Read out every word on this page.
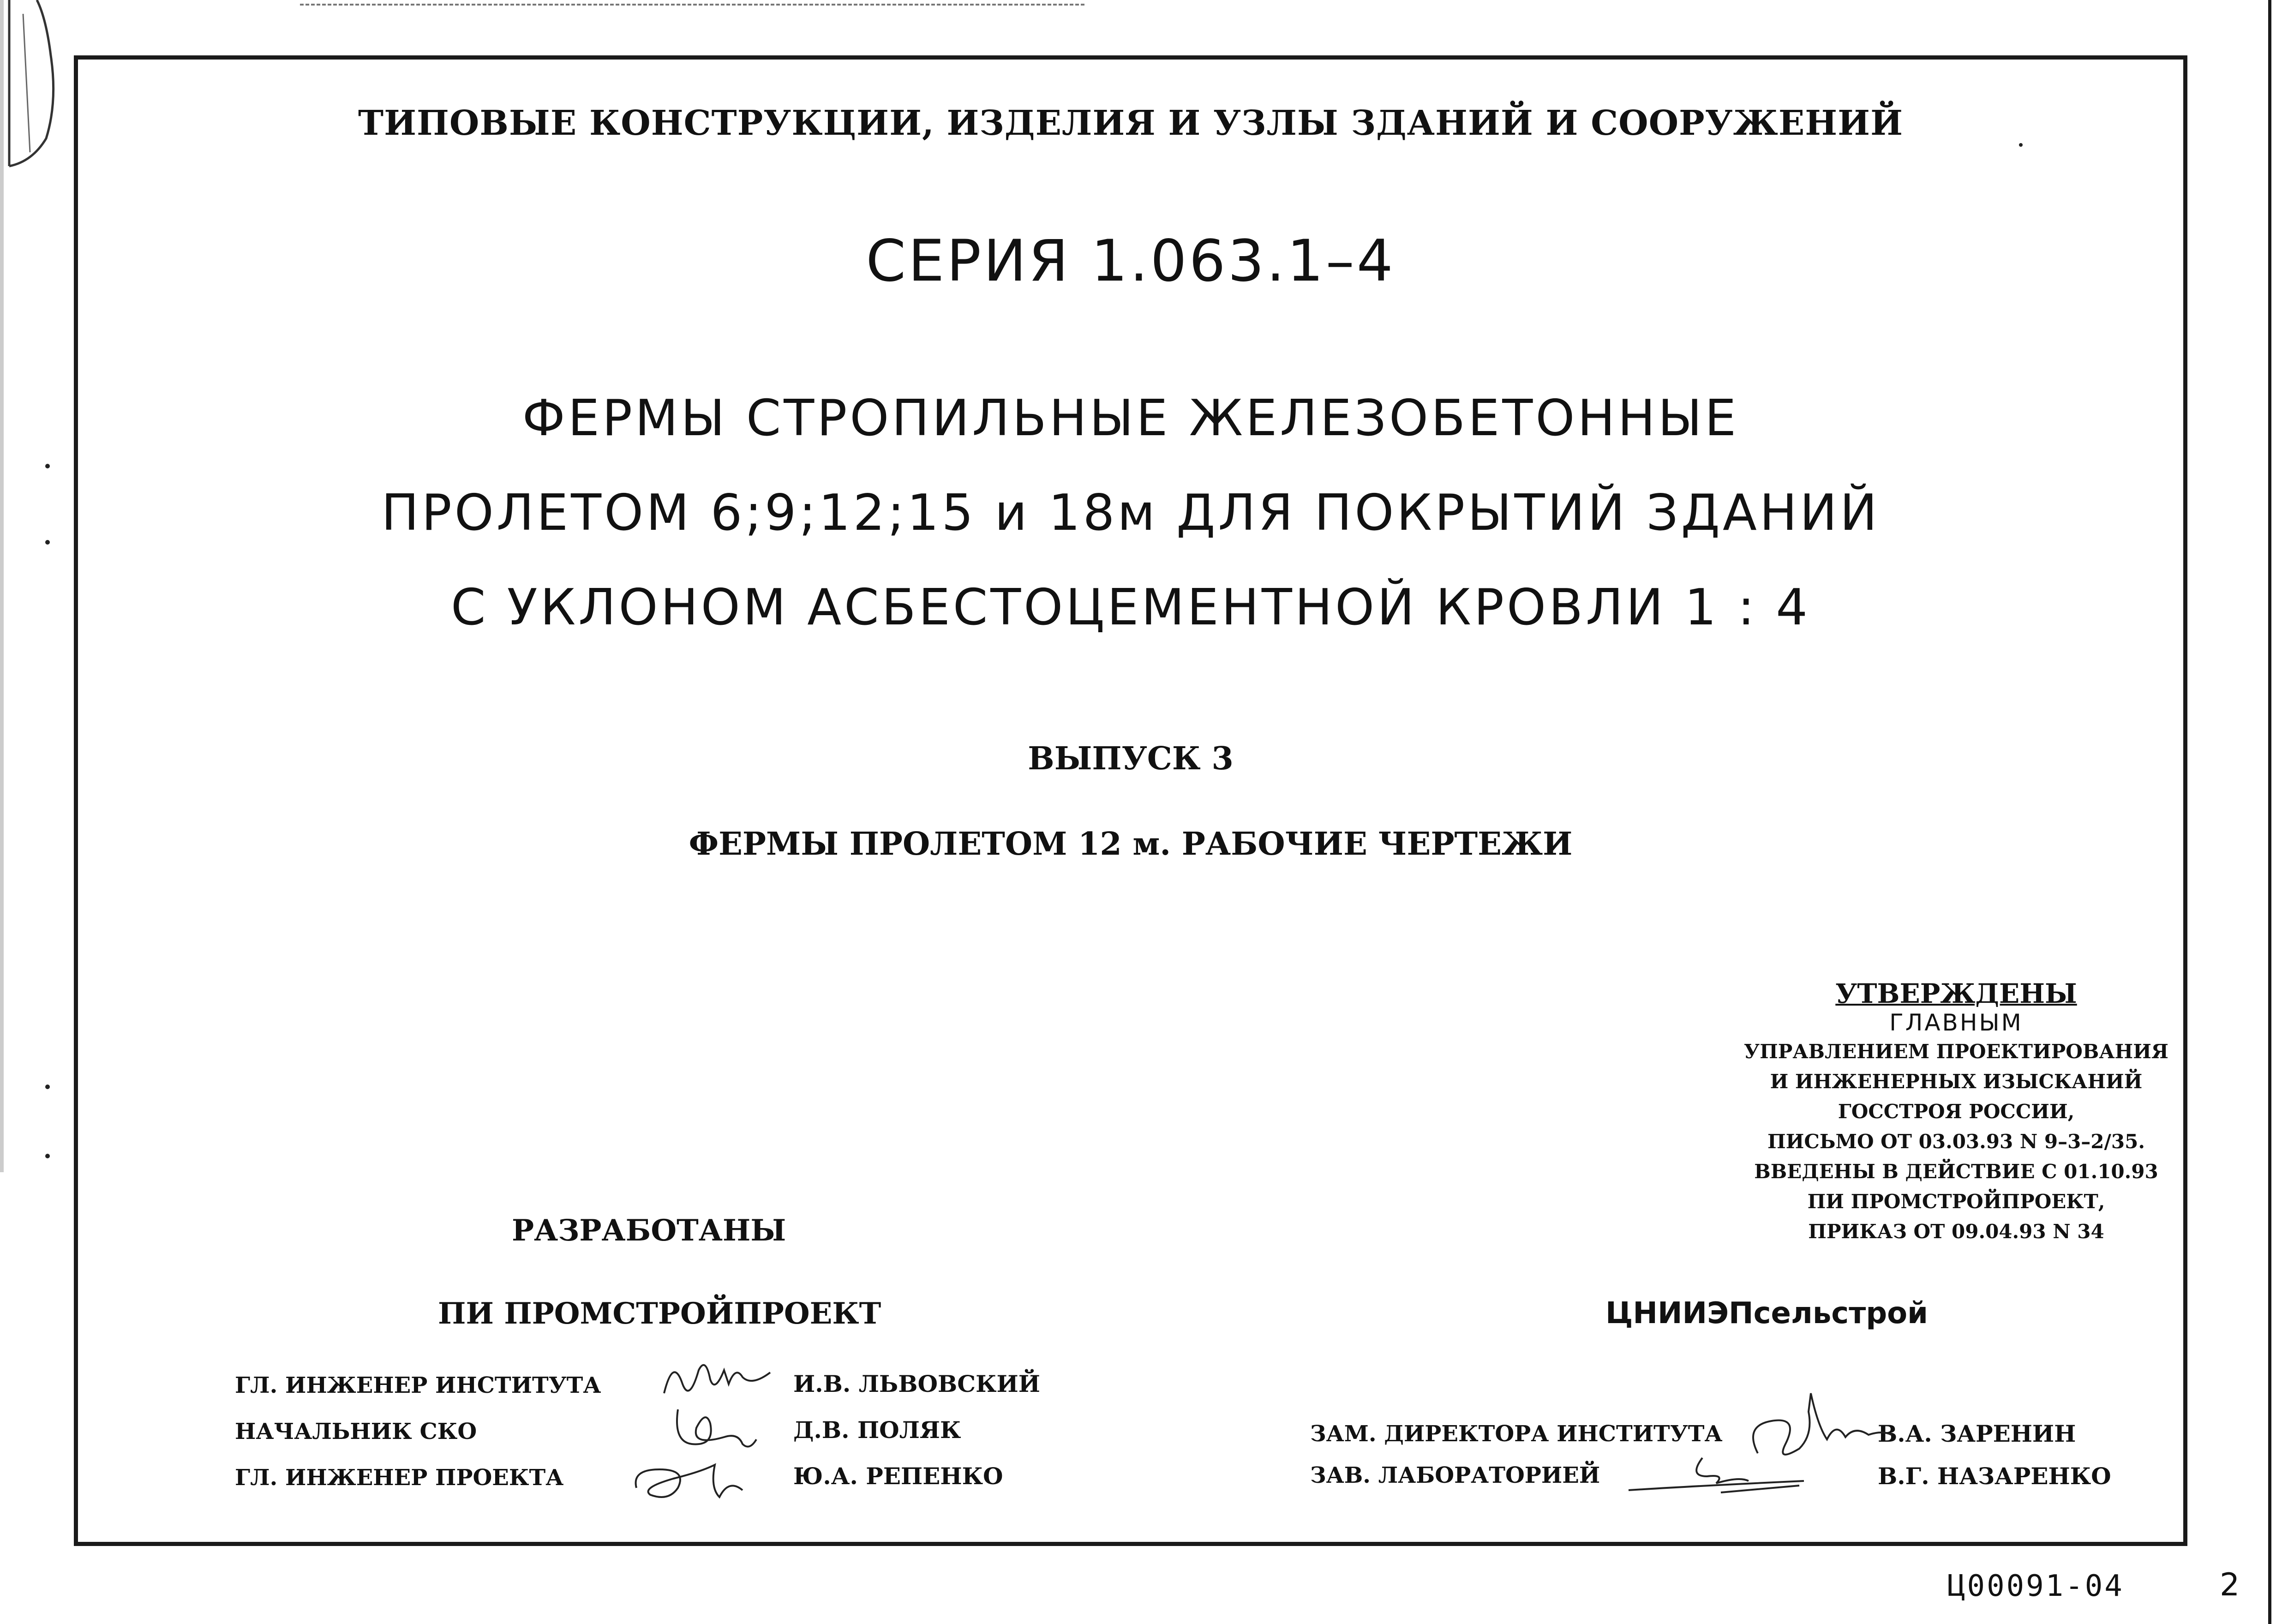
ТИПОВЫЕ КОНСТРУКЦИИ, ИЗДЕЛИЯ И УЗЛЫ ЗДАНИЙ И СООРУЖЕНИЙ
СЕРИЯ 1.063.1–4
ФЕРМЫ СТРОПИЛЬНЫЕ ЖЕЛЕЗОБЕТОННЫЕ
ПРОЛЕТОМ 6;9;12;15 и 18м ДЛЯ ПОКРЫТИЙ ЗДАНИЙ
С УКЛОНОМ АСБЕСТОЦЕМЕНТНОЙ КРОВЛИ 1 : 4
ВЫПУСК 3
ФЕРМЫ ПРОЛЕТОМ 12 м. РАБОЧИЕ ЧЕРТЕЖИ
УТВЕРЖДЕНЫ
ГЛАВНЫМ
УПРАВЛЕНИЕМ ПРОЕКТИРОВАНИЯ
И ИНЖЕНЕРНЫХ ИЗЫСКАНИЙ
ГОССТРОЯ РОССИИ,
ПИСЬМО ОТ 03.03.93 N 9–3–2/35.
ВВЕДЕНЫ В ДЕЙСТВИЕ С 01.10.93
ПИ ПРОМСТРОЙПРОЕКТ,
ПРИКАЗ ОТ 09.04.93 N 34
РАЗРАБОТАНЫ
ПИ ПРОМСТРОЙПРОЕКТ	ЦНИИЭПсельстрой
ГЛ. ИНЖЕНЕР ИНСТИТУТА	И.В. ЛЬВОВСКИЙ
НАЧАЛЬНИК СКО	Д.В. ПОЛЯК
ГЛ. ИНЖЕНЕР ПРОЕКТА	Ю.А. РЕПЕНКО
ЗАМ. ДИРЕКТОРА ИНСТИТУТА	В.А. ЗАРЕНИН
ЗАВ. ЛАБОРАТОРИЕЙ	В.Г. НАЗАРЕНКО
Ц00091-04	2
